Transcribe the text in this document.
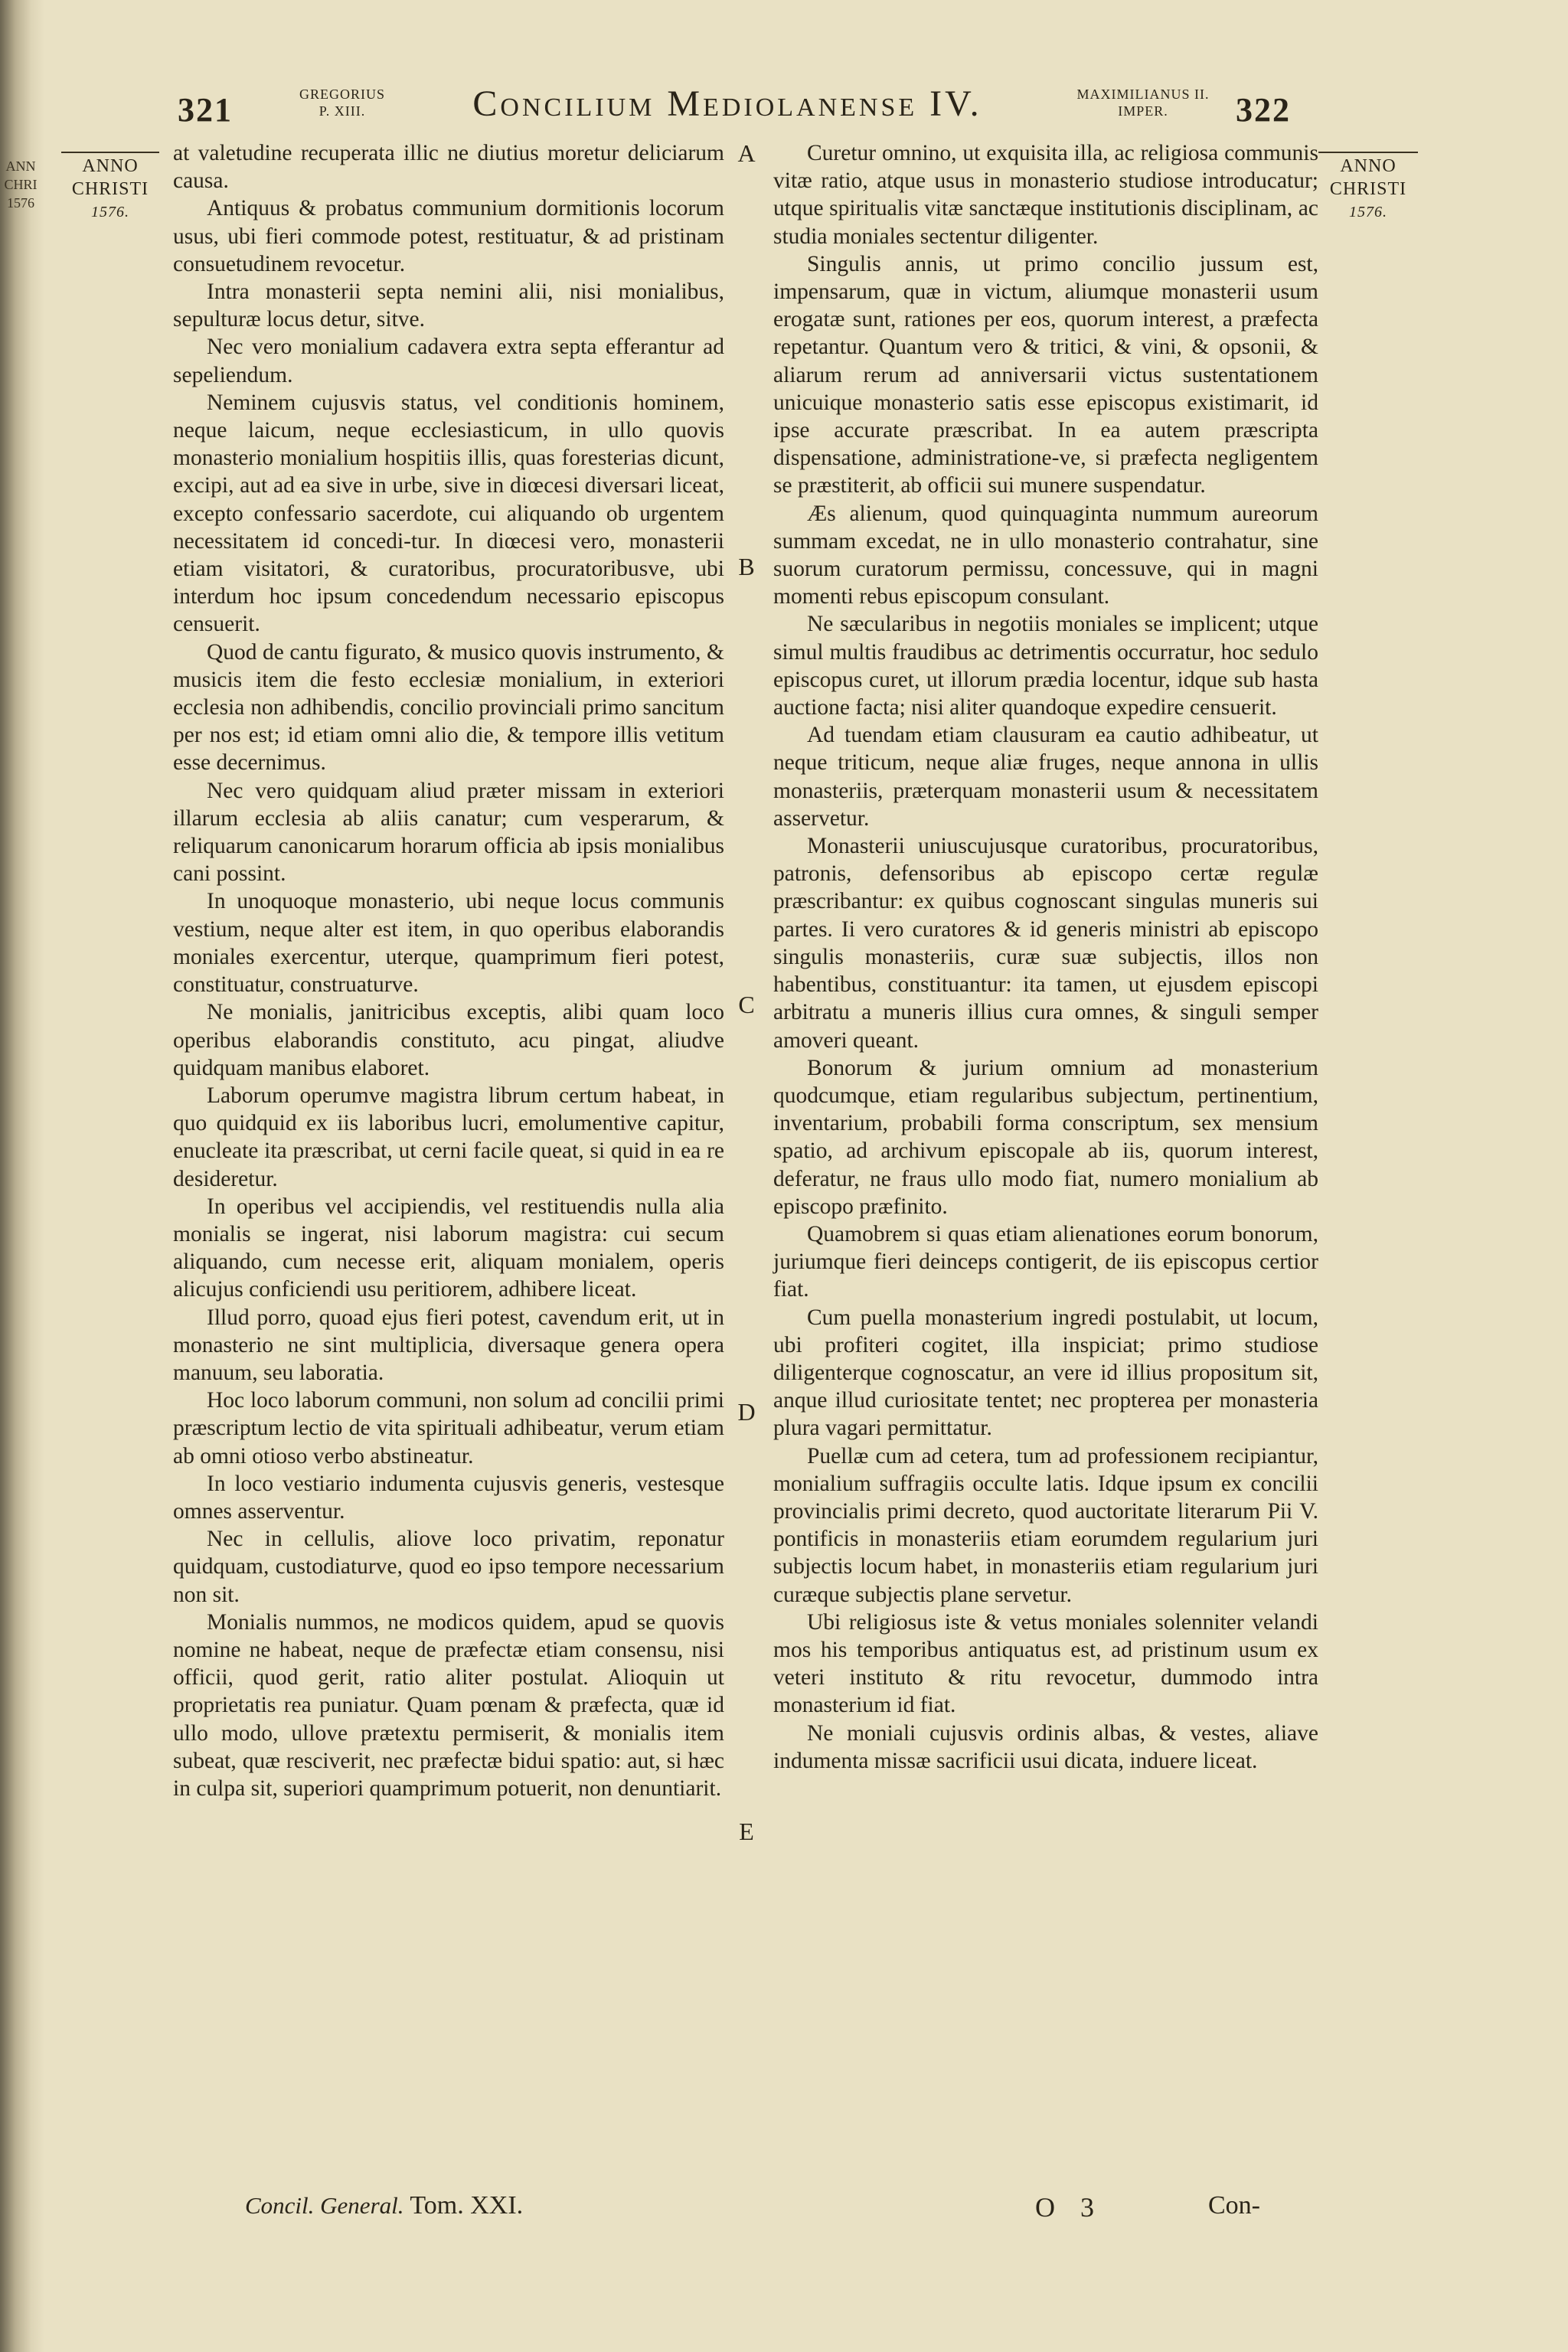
ANN CHRI 1576
321	GREGORIUS
P. XIII.	Concilium Mediolanense IV.	MAXIMILIANUS II.
IMPER.	322
ANNO
CHRISTI
1576.
ANNO
CHRISTI
1576.

at valetudine recuperata illic ne diutius moretur deliciarum causa.

Antiquus & probatus communium dormitionis locorum usus, ubi fieri commode potest, restituatur, & ad pristinam consuetudinem revocetur.

Intra monasterii septa nemini alii, nisi monialibus, sepulturæ locus detur, sitve.

Nec vero monialium cadavera extra septa efferantur ad sepeliendum.

Neminem cujusvis status, vel conditionis hominem, neque laicum, neque ecclesiasticum, in ullo quovis monasterio monialium hospitiis illis, quas foresterias dicunt, excipi, aut ad ea sive in urbe, sive in diœcesi diversari liceat, excepto confessario sacerdote, cui aliquando ob urgentem necessitatem id concedi-tur. In diœcesi vero, monasterii etiam visitatori, & curatoribus, procuratoribusve, ubi interdum hoc ipsum concedendum necessario episcopus censuerit.

Quod de cantu figurato, & musico quovis instrumento, & musicis item die festo ecclesiæ monialium, in exteriori ecclesia non adhibendis, concilio provinciali primo sancitum per nos est; id etiam omni alio die, & tempore illis vetitum esse decernimus.

Nec vero quidquam aliud præter missam in exteriori illarum ecclesia ab aliis canatur; cum vesperarum, & reliquarum canonicarum horarum officia ab ipsis monialibus cani possint.

In unoquoque monasterio, ubi neque locus communis vestium, neque alter est item, in quo operibus elaborandis moniales exercentur, uterque, quamprimum fieri potest, constituatur, construaturve.

Ne monialis, janitricibus exceptis, alibi quam loco operibus elaborandis constituto, acu pingat, aliudve quidquam manibus elaboret.

Laborum operumve magistra librum certum habeat, in quo quidquid ex iis laboribus lucri, emolumentive capitur, enucleate ita præscribat, ut cerni facile queat, si quid in ea re desideretur.

In operibus vel accipiendis, vel restituendis nulla alia monialis se ingerat, nisi laborum magistra: cui secum aliquando, cum necesse erit, aliquam monialem, operis alicujus conficiendi usu peritiorem, adhibere liceat.

Illud porro, quoad ejus fieri potest, cavendum erit, ut in monasterio ne sint multiplicia, diversaque genera opera manuum, seu laboratia.

Hoc loco laborum communi, non solum ad concilii primi præscriptum lectio de vita spirituali adhibeatur, verum etiam ab omni otioso verbo abstineatur.

In loco vestiario indumenta cujusvis generis, vestesque omnes asserventur.

Nec in cellulis, aliove loco privatim, reponatur quidquam, custodiaturve, quod eo ipso tempore necessarium non sit.

Monialis nummos, ne modicos quidem, apud se quovis nomine ne habeat, neque de præfectæ etiam consensu, nisi officii, quod gerit, ratio aliter postulat. Alioquin ut proprietatis rea puniatur. Quam pœnam & præfecta, quæ id ullo modo, ullove prætextu permiserit, & monialis item subeat, quæ resciverit, nec præfectæ bidui spatio: aut, si hæc in culpa sit, superiori quamprimum potuerit, non denuntiarit.

A
B
C
D
E

Curetur omnino, ut exquisita illa, ac religiosa communis vitæ ratio, atque usus in monasterio studiose introducatur; utque spiritualis vitæ sanctæque institutionis disciplinam, ac studia moniales sectentur diligenter.

Singulis annis, ut primo concilio jussum est, impensarum, quæ in victum, aliumque monasterii usum erogatæ sunt, rationes per eos, quorum interest, a præfecta repetantur. Quantum vero & tritici, & vini, & opsonii, & aliarum rerum ad anniversarii victus sustentationem unicuique monasterio satis esse episcopus existimarit, id ipse accurate præscribat. In ea autem præscripta dispensatione, administratione-ve, si præfecta negligentem se præstiterit, ab officii sui munere suspendatur.

Æs alienum, quod quinquaginta nummum aureorum summam excedat, ne in ullo monasterio contrahatur, sine suorum curatorum permissu, concessuve, qui in magni momenti rebus episcopum consulant.

Ne sæcularibus in negotiis moniales se implicent; utque simul multis fraudibus ac detrimentis occurratur, hoc sedulo episcopus curet, ut illorum prædia locentur, idque sub hasta auctione facta; nisi aliter quandoque expedire censuerit.

Ad tuendam etiam clausuram ea cautio adhibeatur, ut neque triticum, neque aliæ fruges, neque annona in ullis monasteriis, præterquam monasterii usum & necessitatem asservetur.

Monasterii uniuscujusque curatoribus, procuratoribus, patronis, defensoribus ab episcopo certæ regulæ præscribantur: ex quibus cognoscant singulas muneris sui partes. Ii vero curatores & id generis ministri ab episcopo singulis monasteriis, curæ suæ subjectis, illos non habentibus, constituantur: ita tamen, ut ejusdem episcopi arbitratu a muneris illius cura omnes, & singuli semper amoveri queant.

Bonorum & jurium omnium ad monasterium quodcumque, etiam regularibus subjectum, pertinentium, inventarium, probabili forma conscriptum, sex mensium spatio, ad archivum episcopale ab iis, quorum interest, deferatur, ne fraus ullo modo fiat, numero monialium ab episcopo præfinito.

Quamobrem si quas etiam alienationes eorum bonorum, juriumque fieri deinceps contigerit, de iis episcopus certior fiat.

Cum puella monasterium ingredi postulabit, ut locum, ubi profiteri cogitet, illa inspiciat; primo studiose diligenterque cognoscatur, an vere id illius propositum sit, anque illud curiositate tentet; nec propterea per monasteria plura vagari permittatur.

Puellæ cum ad cetera, tum ad professionem recipiantur, monialium suffragiis occulte latis. Idque ipsum ex concilii provincialis primi decreto, quod auctoritate literarum Pii V. pontificis in monasteriis etiam eorumdem regularium juri subjectis locum habet, in monasteriis etiam regularium juri curæque subjectis plane servetur.

Ubi religiosus iste & vetus moniales solenniter velandi mos his temporibus antiquatus est, ad pristinum usum ex veteri instituto & ritu revocetur, dummodo intra monasterium id fiat.

Ne moniali cujusvis ordinis albas, & vestes, aliave indumenta missæ sacrificii usui dicata, induere liceat.

Concil. General. Tom. XXI.	O 3	Con-
